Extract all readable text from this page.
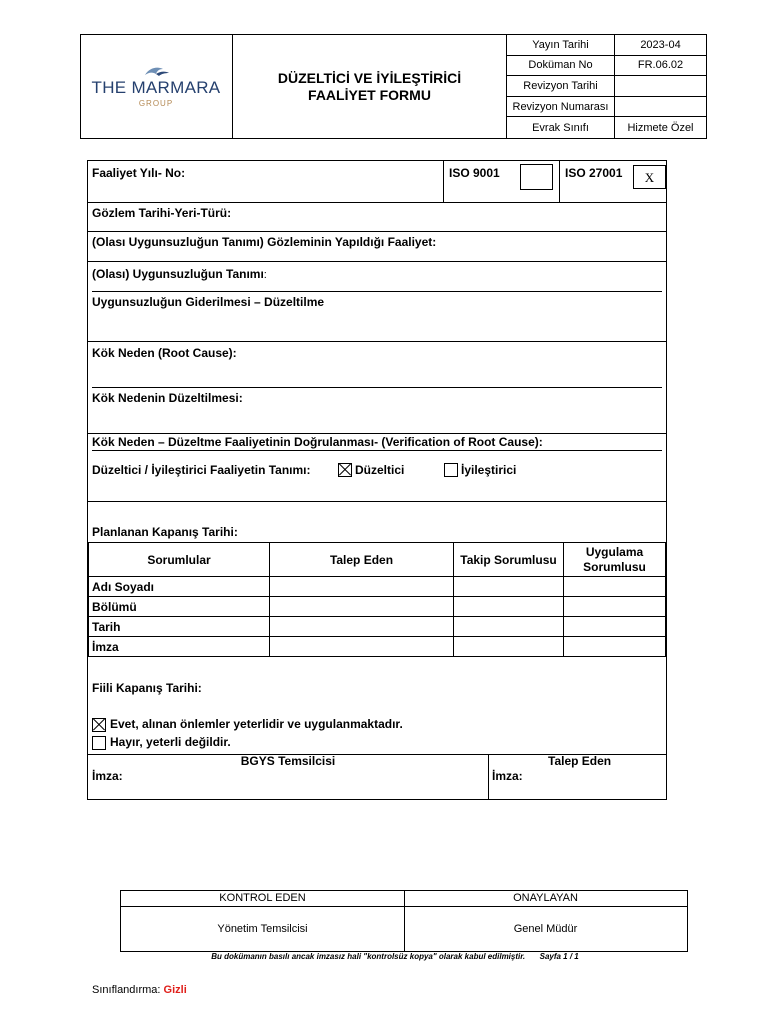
THE MARMARA
GROUP
DÜZELTİCİ VE İYİLEŞTİRİCİ FAALİYET FORMU
Yayın Tarihi	2023-04
Doküman No	FR.06.02
Revizyon Tarihi
Revizyon Numarası
Evrak Sınıfı	Hizmete Özel
Faaliyet Yılı- No:	ISO 9001	ISO 27001	X
Gözlem Tarihi-Yeri-Türü:
(Olası Uygunsuzluğun Tanımı) Gözleminin Yapıldığı Faaliyet:
(Olası) Uygunsuzluğun Tanımı:
Uygunsuzluğun Giderilmesi – Düzeltilme
Kök Neden (Root Cause):
Kök Nedenin Düzeltilmesi:
Kök Neden – Düzeltme Faaliyetinin Doğrulanması- (Verification of Root Cause):
Düzeltici / İyileştirici Faaliyetin Tanımı:	Düzeltici	İyileştirici
Planlanan Kapanış Tarihi:
Sorumlular	Talep Eden	Takip Sorumlusu	Uygulama
Sorumlusu
Adı Soyadı			
Bölümü			
Tarih			
İmza			
Fiili Kapanış Tarihi:
Evet, alınan önlemler yeterlidir ve uygulanmaktadır.
Hayır, yeterli değildir.
BGYS Temsilcisi
İmza:
Talep Eden
İmza:
KONTROL EDEN	ONAYLAYAN
Yönetim Temsilcisi	Genel Müdür
Bu dokümanın basılı ancak imzasız hali "kontrolsüz kopya" olarak kabul edilmiştir. Sayfa 1 / 1
Sınıflandırma: Gizli
